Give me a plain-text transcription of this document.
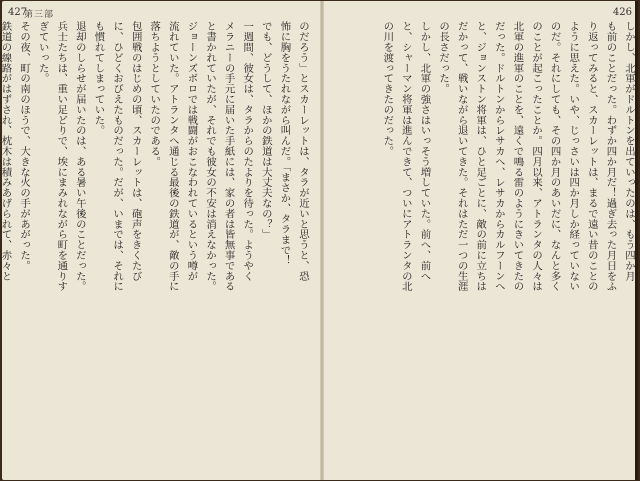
427
第三部
のだろう」とスカーレットは、タラが近いと思うと、恐
怖に胸をうたれながら叫んだ。「まさか、タラまで！
でも、どうして、ほかの鉄道は大丈夫なの？」
一週間、彼女は、タラからのたよりを待った。ようやく
メラニーの手元に届いた手紙には、家の者は皆無事である
と書かれていたが、それでも彼女の不安は消えなかった。
ジョーンズボロでは戦闘がおこなわれているという噂が
流れていた。アトランタへ通じる最後の鉄道が、敵の手に
落ちようとしていたのである。
包囲戦のはじめの頃、スカーレットは、砲声をきくたび
に、ひどくおびえたものだった。だが、いまでは、それに
も慣れてしまっていた。
退却のしらせが届いたのは、ある暑い午後のことだった。
兵士たちは、重い足どりで、埃にまみれながら町を通りす
ぎていった。
その夜、町の南のほうで、大きな火の手があがった。
鉄道の線路がはずされ、枕木は積みあげられて、赤々と
426
しかし、北軍がドルトンを出ていったのは、もう四か月
も前のことだった。わずか四か月だ！過ぎ去った月日をふ
り返ってみると、スカーレットは、まるで遠い昔のことの
ように思えた。いや、じっさいは四か月しか経っていない
のだ。それにしても、その四か月のあいだに、なんと多く
のことが起こったことか。四月以来、アトランタの人々は
北軍の進軍のことを、遠くで鳴る雷のようにきいてきたの
だった。ドルトンからレサカへ、レサカからカルフーンへ
と、ジョンストン将軍は、ひと足ごとに、敵の前に立ちは
だかって、戦いながら退いてきた。それはただ一つの生涯
の長さだった。
しかし、北軍の強さはいっそう増していた。前へ、前へ
と、シャーマン将軍は進んできて、ついにアトランタの北
の川を渡ってきたのだった。
